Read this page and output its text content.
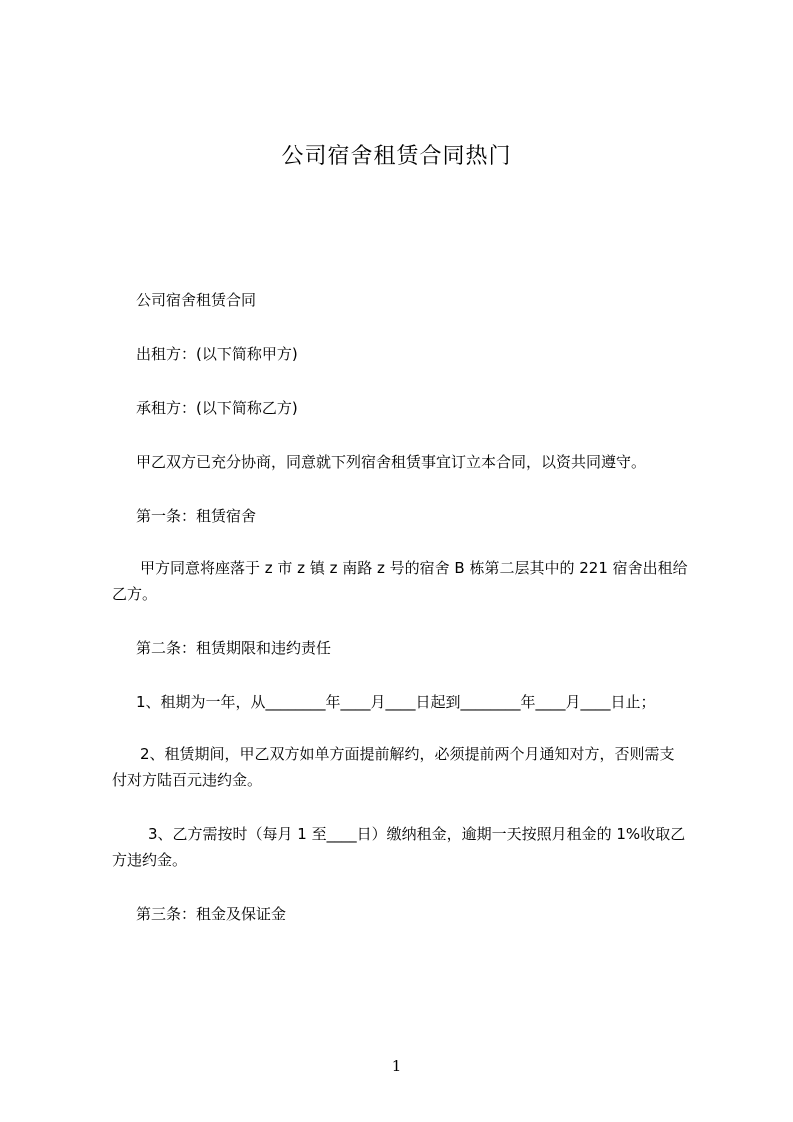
公司宿舍租赁合同热门
公司宿舍租赁合同
出租方：(以下简称甲方)
承租方：(以下简称乙方)
甲乙双方已充分协商，同意就下列宿舍租赁事宜订立本合同，以资共同遵守。
第一条：租赁宿舍
甲方同意将座落于 z 市 z 镇 z 南路 z 号的宿舍 B 栋第二层其中的 221 宿舍出租给
乙方。
第二条：租赁期限和违约责任
1、租期为一年，从________年____月____日起到________年____月____日止；
2、租赁期间，甲乙双方如单方面提前解约，必须提前两个月通知对方，否则需支
付对方陆百元违约金。
3、乙方需按时（每月 1 至____日）缴纳租金，逾期一天按照月租金的 1%收取乙
方违约金。
第三条：租金及保证金
1
